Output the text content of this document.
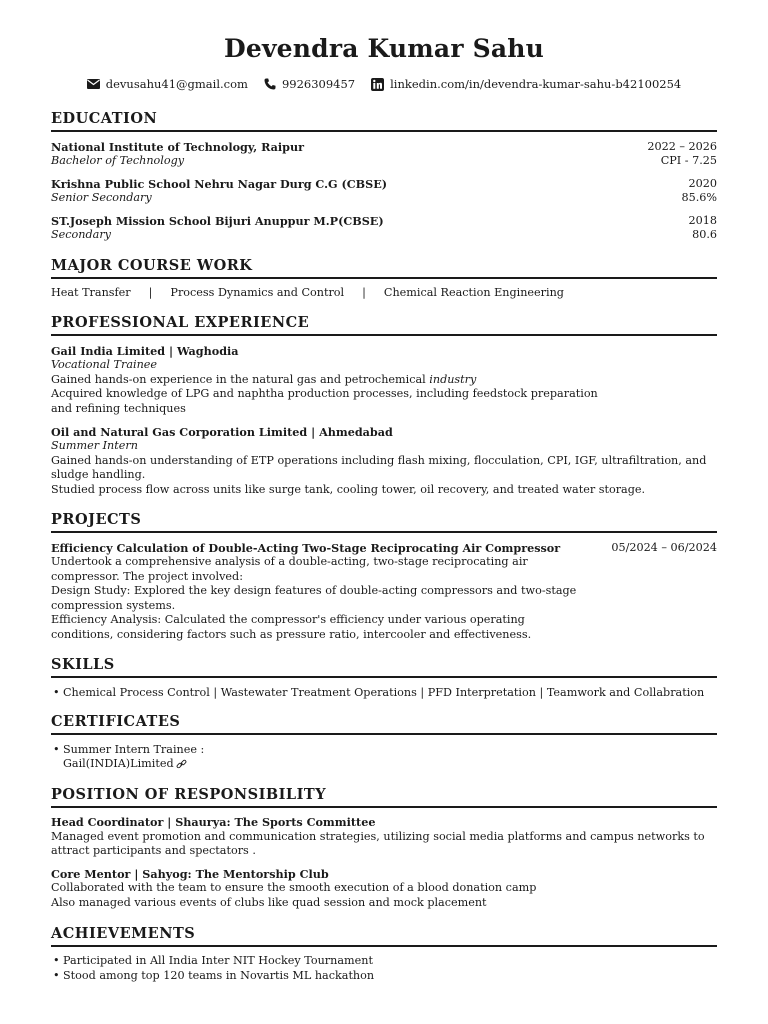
Devendra Kumar Sahu
devusahu41@gmail.com	9926309457	linkedin.com/in/devendra-kumar-sahu-b42100254
EDUCATION
National Institute of Technology, Raipur	2022 – 2026
Bachelor of Technology	CPI - 7.25
Krishna Public School Nehru Nagar Durg C.G (CBSE)	2020
Senior Secondary	85.6%
ST.Joseph Mission School Bijuri Anuppur M.P(CBSE)	2018
Secondary	80.6
MAJOR COURSE WORK
Heat Transfer | Process Dynamics and Control | Chemical Reaction Engineering
PROFESSIONAL EXPERIENCE
Gail India Limited | Waghodia
Vocational Trainee
Gained hands-on experience in the natural gas and petrochemical industry
Acquired knowledge of LPG and naphtha production processes, including feedstock preparation
and refining techniques
Oil and Natural Gas Corporation Limited | Ahmedabad
Summer Intern
Gained hands-on understanding of ETP operations including flash mixing, flocculation, CPI, IGF, ultrafiltration, and
sludge handling.
Studied process flow across units like surge tank, cooling tower, oil recovery, and treated water storage.
PROJECTS
Efficiency Calculation of Double-Acting Two-Stage Reciprocating Air Compressor	05/2024 – 06/2024
Undertook a comprehensive analysis of a double-acting, two-stage reciprocating air
compressor. The project involved:
Design Study: Explored the key design features of double-acting compressors and two-stage
compression systems.
Efficiency Analysis: Calculated the compressor's efficiency under various operating
conditions, considering factors such as pressure ratio, intercooler and effectiveness.
SKILLS
• Chemical Process Control | Wastewater Treatment Operations | PFD Interpretation | Teamwork and Collabration
CERTIFICATES
• Summer Intern Trainee :
Gail(INDIA)Limited
POSITION OF RESPONSIBILITY
Head Coordinator | Shaurya: The Sports Committee
Managed event promotion and communication strategies, utilizing social media platforms and campus networks to
attract participants and spectators .
Core Mentor | Sahyog: The Mentorship Club
Collaborated with the team to ensure the smooth execution of a blood donation camp
Also managed various events of clubs like quad session and mock placement
ACHIEVEMENTS
• Participated in All India Inter NIT Hockey Tournament
• Stood among top 120 teams in Novartis ML hackathon
